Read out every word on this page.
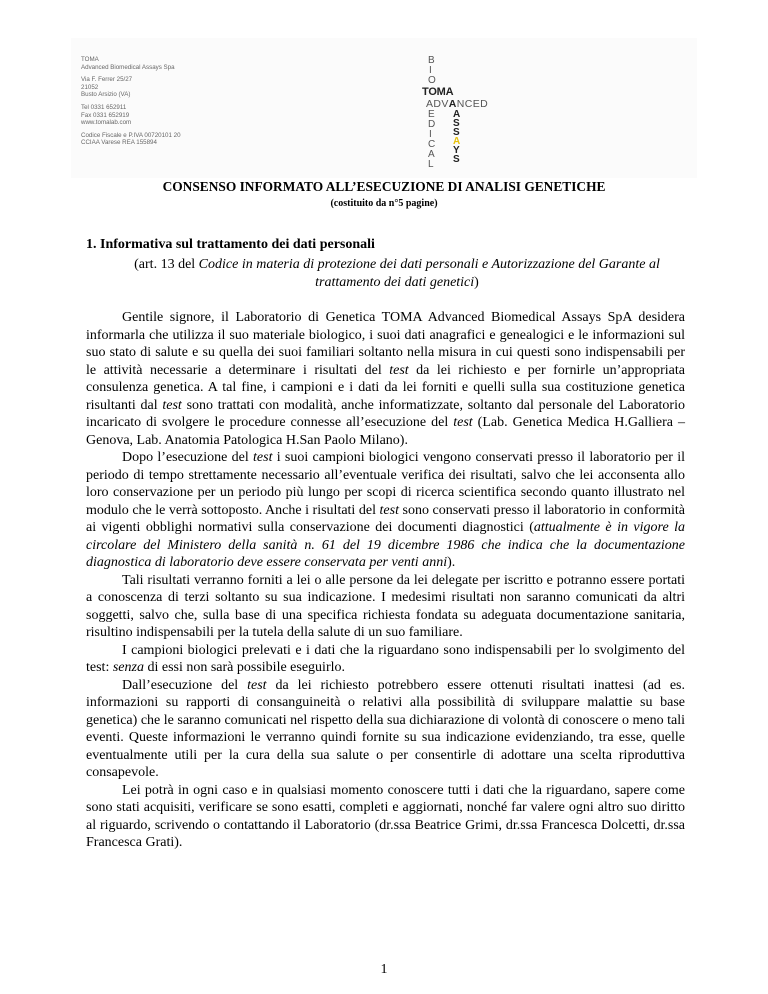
TOMA
Advanced Biomedical Assays Spa
Via F. Ferrer 25/27
21052
Busto Arsizio (VA)
Tel 0331 652911
Fax 0331 652919
www.tomalab.com
Codice Fiscale e P.IVA 00720101 20
CCIAA Varese REA 155894
B
I
O
TOMA
ADVANCED
E
D
I
C
A
L
A
S
S
A
Y
S
CONSENSO INFORMATO ALL’ESECUZIONE DI ANALISI GENETICHE
(costituito da n°5 pagine)
1. Informativa sul trattamento dei dati personali
(art. 13 del Codice in materia di protezione dei dati personali e Autorizzazione del Garante al trattamento dei dati genetici)

Gentile signore, il Laboratorio di Genetica TOMA Advanced Biomedical Assays SpA desidera informarla che utilizza il suo materiale biologico, i suoi dati anagrafici e genealogici e le informazioni sul suo stato di salute e su quella dei suoi familiari soltanto nella misura in cui questi sono indispensabili per le attività necessarie a determinare i risultati del test da lei richiesto e per fornirle un’appropriata consulenza genetica. A tal fine, i campioni e i dati da lei forniti e quelli sulla sua costituzione genetica risultanti dal test sono trattati con modalità, anche informatizzate, soltanto dal personale del Laboratorio incaricato di svolgere le procedure connesse all’esecuzione del test (Lab. Genetica Medica H.Galliera – Genova, Lab. Anatomia Patologica H.San Paolo Milano).

Dopo l’esecuzione del test i suoi campioni biologici vengono conservati presso il laboratorio per il periodo di tempo strettamente necessario all’eventuale verifica dei risultati, salvo che lei acconsenta allo loro conservazione per un periodo più lungo per scopi di ricerca scientifica secondo quanto illustrato nel modulo che le verrà sottoposto. Anche i risultati del test sono conservati presso il laboratorio in conformità ai vigenti obblighi normativi sulla conservazione dei documenti diagnostici (attualmente è in vigore la circolare del Ministero della sanità n. 61 del 19 dicembre 1986 che indica che la documentazione diagnostica di laboratorio deve essere conservata per venti anni).

Tali risultati verranno forniti a lei o alle persone da lei delegate per iscritto e potranno essere portati a conoscenza di terzi soltanto su sua indicazione. I medesimi risultati non saranno comunicati da altri soggetti, salvo che, sulla base di una specifica richiesta fondata su adeguata documentazione sanitaria, risultino indispensabili per la tutela della salute di un suo familiare.

I campioni biologici prelevati e i dati che la riguardano sono indispensabili per lo svolgimento del test: senza di essi non sarà possibile eseguirlo.

Dall’esecuzione del test da lei richiesto potrebbero essere ottenuti risultati inattesi (ad es. informazioni su rapporti di consanguineità o relativi alla possibilità di sviluppare malattie su base genetica) che le saranno comunicati nel rispetto della sua dichiarazione di volontà di conoscere o meno tali eventi. Queste informazioni le verranno quindi fornite su sua indicazione evidenziando, tra esse, quelle eventualmente utili per la cura della sua salute o per consentirle di adottare una scelta riproduttiva consapevole.

Lei potrà in ogni caso e in qualsiasi momento conoscere tutti i dati che la riguardano, sapere come sono stati acquisiti, verificare se sono esatti, completi e aggiornati, nonché far valere ogni altro suo diritto al riguardo, scrivendo o contattando il Laboratorio (dr.ssa Beatrice Grimi, dr.ssa Francesca Dolcetti, dr.ssa Francesca Grati).

1
